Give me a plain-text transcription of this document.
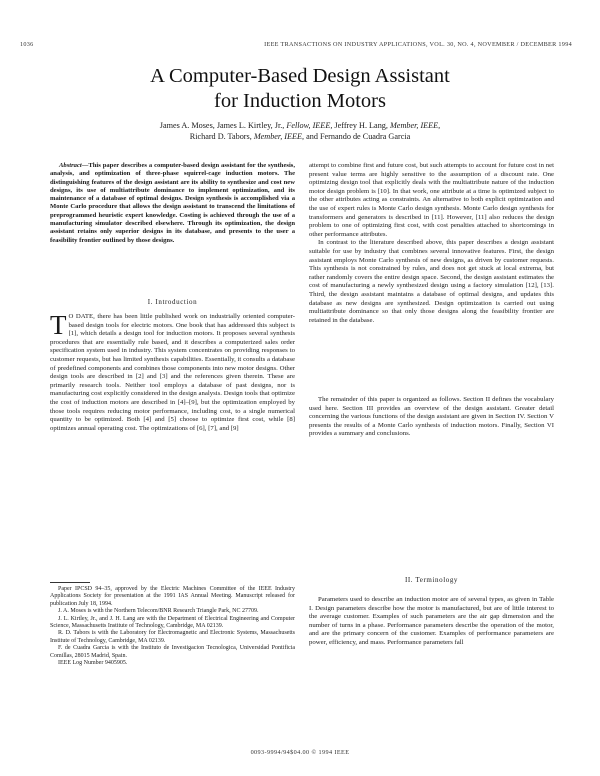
1036	IEEE TRANSACTIONS ON INDUSTRY APPLICATIONS, VOL. 30, NO. 4, NOVEMBER / DECEMBER 1994
A Computer-Based Design Assistant
for Induction Motors
James A. Moses, James L. Kirtley, Jr., Fellow, IEEE, Jeffrey H. Lang, Member, IEEE,
Richard D. Tabors, Member, IEEE, and Fernando de Cuadra Garcia

Abstract—This paper describes a computer-based design assistant for the synthesis, analysis, and optimization of three-phase squirrel-cage induction motors. The distinguishing features of the design assistant are its ability to synthesize and cost new designs, its use of multiattribute dominance to implement optimization, and its maintenance of a database of optimal designs. Design synthesis is accomplished via a Monte Carlo procedure that allows the design assistant to transcend the limitations of preprogrammed heuristic expert knowledge. Costing is achieved through the use of a manufacturing simulator described elsewhere. Through its optimization, the design assistant retains only superior designs in its database, and presents to the user a feasibility frontier outlined by those designs.

I. Introduction

T O DATE, there has been little published work on industrially oriented computer-based design tools for electric motors. One book that has addressed this subject is [1], which details a design tool for induction motors. It proposes several synthesis procedures that are essentially rule based, and it describes a computerized sales order specification system used in industry. This system concentrates on providing responses to customer requests, but has limited synthesis capabilities. Essentially, it consults a database of predefined components and combines those components into new motor designs. Other design tools are described in [2] and [3] and the references given therein. These are primarily research tools. Neither tool employs a database of past designs, nor is manufacturing cost explicitly considered in the design analysis. Design tools that optimize the cost of induction motors are described in [4]–[9], but the optimization employed by those tools requires reducing motor performance, including cost, to a single numerical quantity to be optimized. Both [4] and [5] choose to optimize first cost, while [8] optimizes annual operating cost. The optimizations of [6], [7], and [9]

Paper IPCSD 94–35, approved by the Electric Machines Committee of the IEEE Industry Applications Society for presentation at the 1991 IAS Annual Meeting. Manuscript released for publication July 18, 1994.

J. A. Moses is with the Northern Telecom/BNR Research Triangle Park, NC 27709.

J. L. Kirtley, Jr., and J. H. Lang are with the Department of Electrical Engineering and Computer Science, Massachusetts Institute of Technology, Cambridge, MA 02139.

R. D. Tabors is with the Laboratory for Electromagnetic and Electronic Systems, Massachusetts Institute of Technology, Cambridge, MA 02139.

F. de Cuadra Garcia is with the Instituto de Investigacion Tecnologica, Universidad Pontificia Comillas, 28015 Madrid, Spain.

IEEE Log Number 9405905.

attempt to combine first and future cost, but such attempts to account for future cost in net present value terms are highly sensitive to the assumption of a discount rate. One optimizing design tool that explicitly deals with the multiattribute nature of the induction motor design problem is [10]. In that work, one attribute at a time is optimized subject to the other attributes acting as constraints. An alternative to both explicit optimization and the use of expert rules is Monte Carlo design synthesis. Monte Carlo design synthesis for transformers and generators is described in [11]. However, [11] also reduces the design problem to one of optimizing first cost, with cost penalties attached to shortcomings in other performance attributes.

In contrast to the literature described above, this paper describes a design assistant suitable for use by industry that combines several innovative features. First, the design assistant employs Monte Carlo synthesis of new designs, as driven by customer requests. This synthesis is not constrained by rules, and does not get stuck at local extrema, but rather randomly covers the entire design space. Second, the design assistant estimates the cost of manufacturing a newly synthesized design using a factory simulation [12], [13]. Third, the design assistant maintains a database of optimal designs, and updates this database as new designs are synthesized. Design optimization is carried out using multiattribute dominance so that only those designs along the feasibility frontier are retained in the database.

The remainder of this paper is organized as follows. Section II defines the vocabulary used here. Section III provides an overview of the design assistant. Greater detail concerning the various functions of the design assistant are given in Section IV. Section V presents the results of a Monte Carlo synthesis of induction motors. Finally, Section VI provides a summary and conclusions.

II. Terminology

Parameters used to describe an induction motor are of several types, as given in Table I. Design parameters describe how the motor is manufactured, but are of little interest to the average customer. Examples of such parameters are the air gap dimension and the number of turns in a phase. Performance parameters describe the operation of the motor, and are the primary concern of the customer. Examples of performance parameters are power, efficiency, and mass. Performance parameters fall

0093-9994/94$04.00 © 1994 IEEE
